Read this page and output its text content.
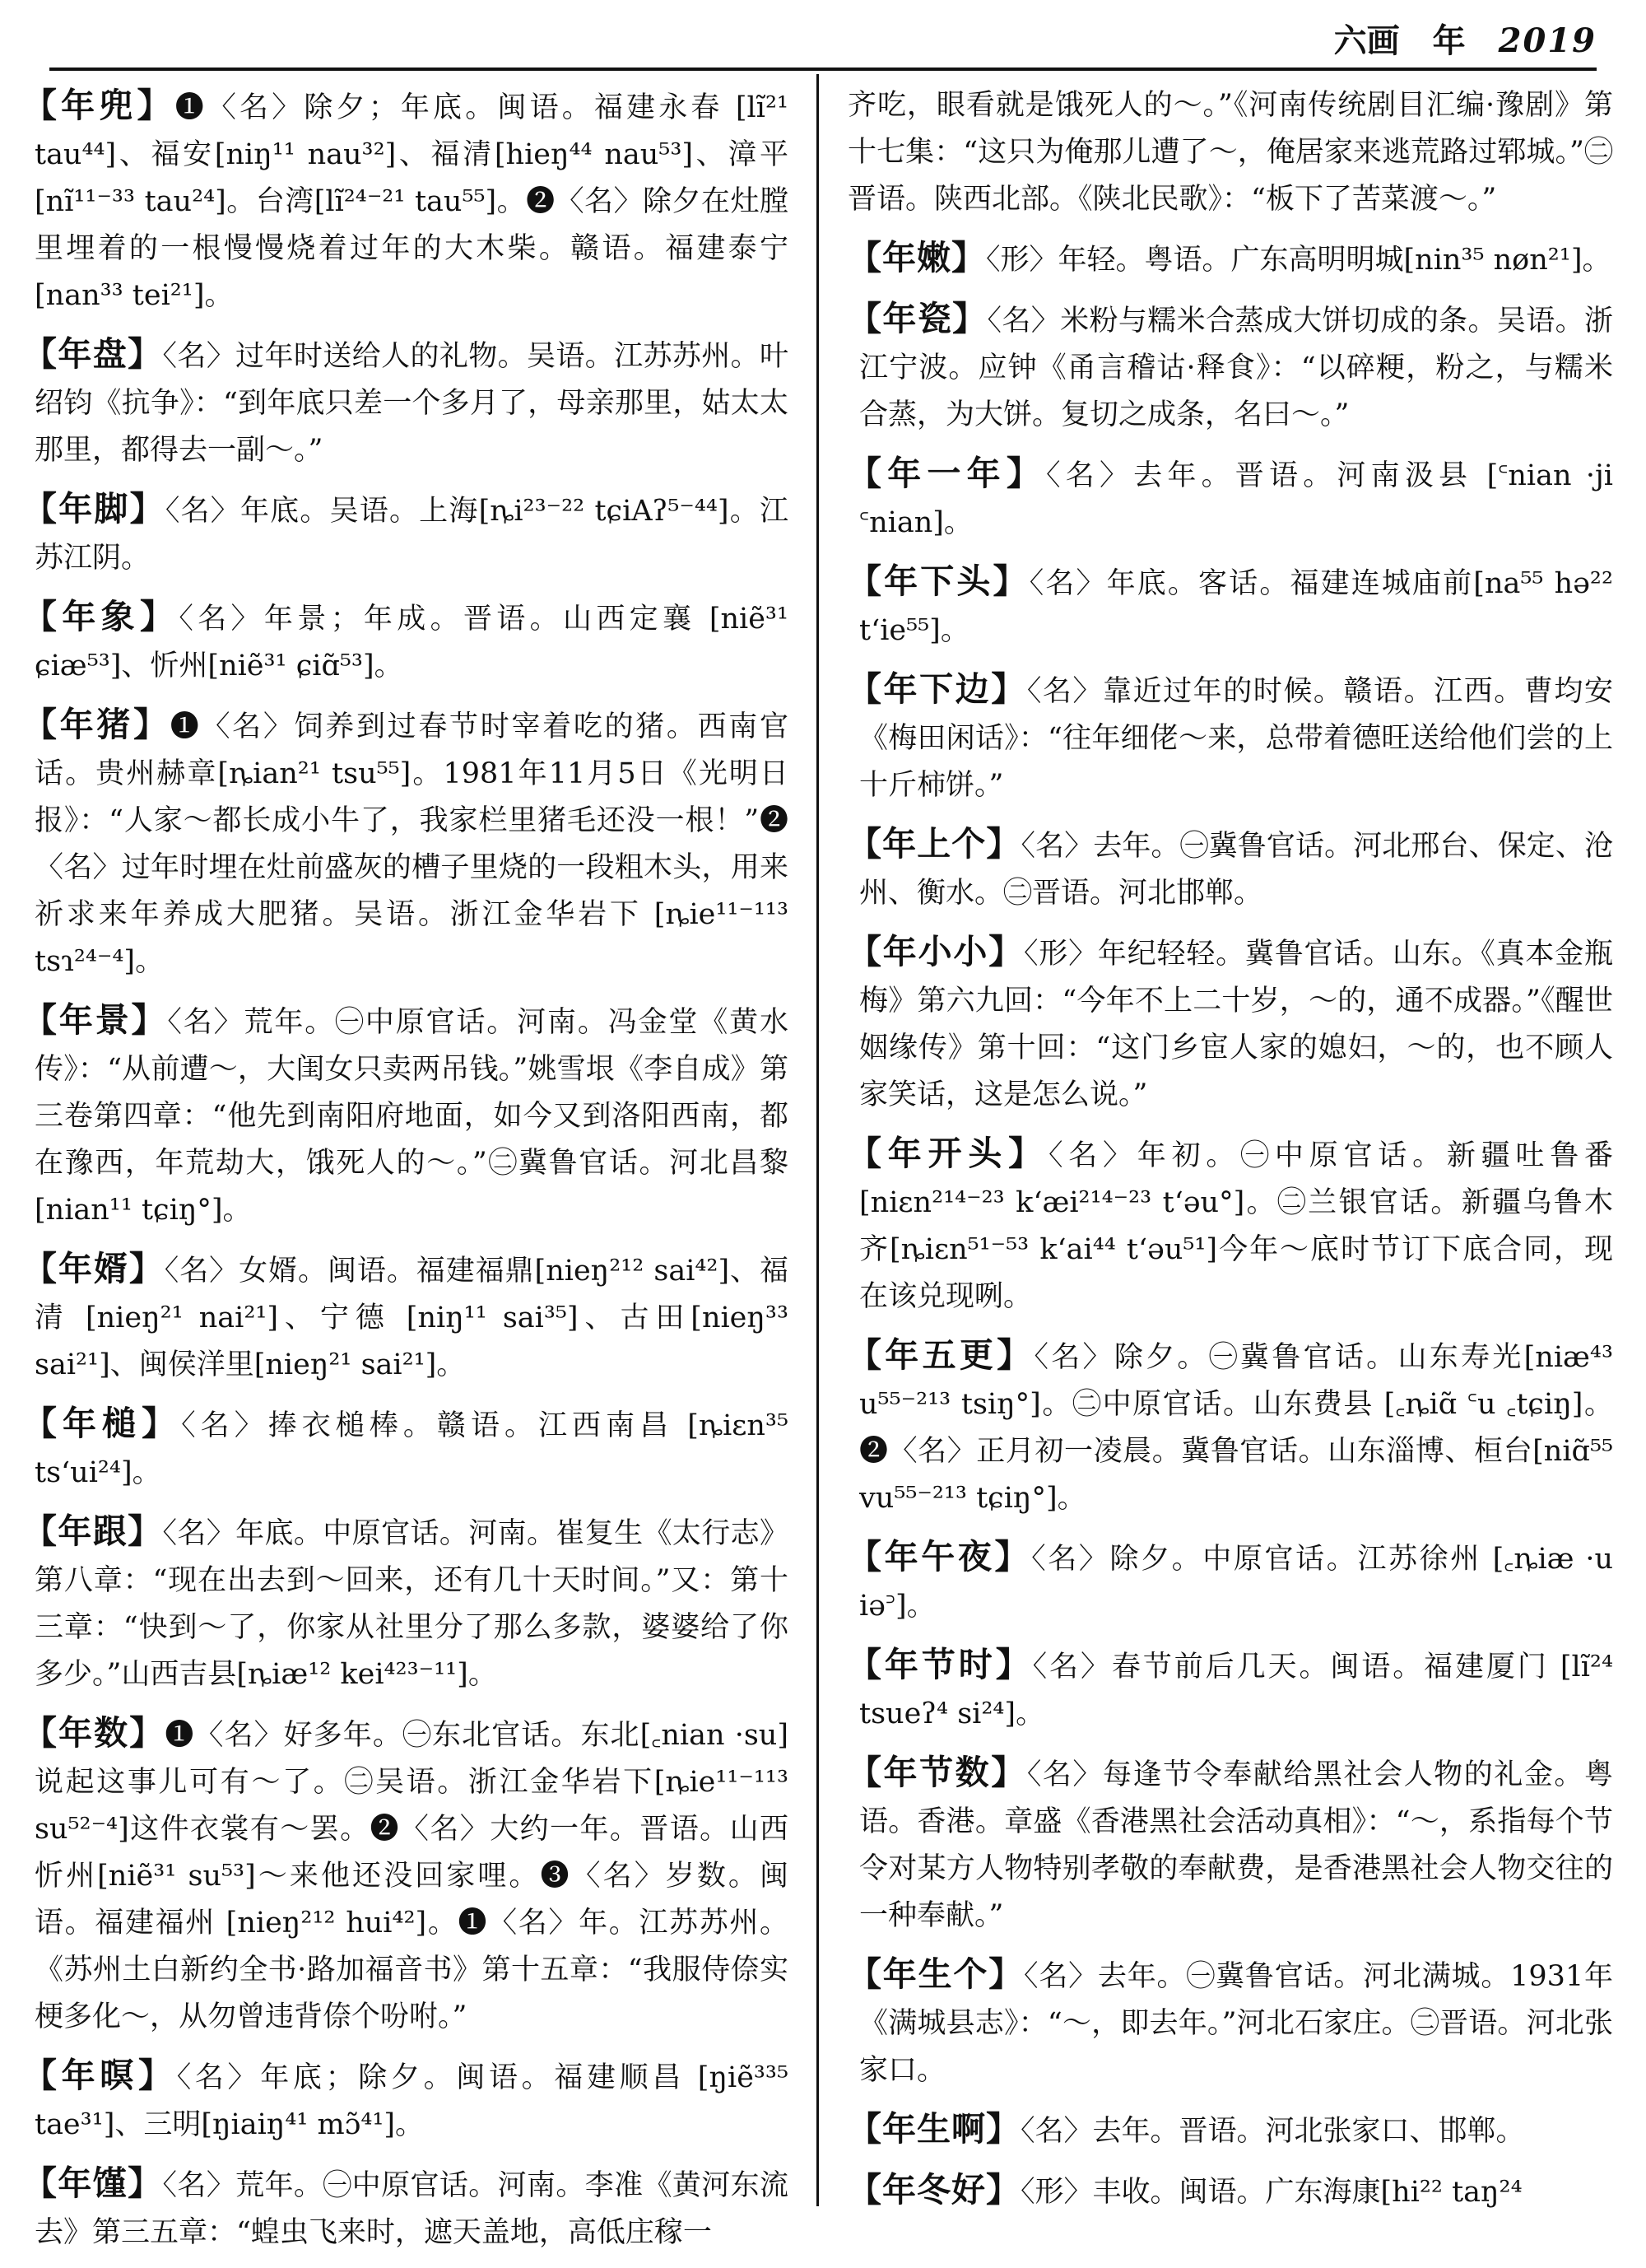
六画 年 2019

【年兜】❶〈名〉除夕；年底。闽语。福建永春 [lĩ²¹ tau⁴⁴]、福安[niŋ¹¹ nau³²]、福清[hieŋ⁴⁴ nau⁵³]、漳平[nĩ¹¹⁻³³ tau²⁴]。台湾[lĩ²⁴⁻²¹ tau⁵⁵]。❷〈名〉除夕在灶膛里埋着的一根慢慢烧着过年的大木柴。赣语。福建泰宁 [nan³³ tei²¹]。

【年盘】〈名〉过年时送给人的礼物。吴语。江苏苏州。叶绍钧《抗争》：“到年底只差一个多月了，母亲那里，姑太太那里，都得去一副～。”

【年脚】〈名〉年底。吴语。上海[ȵi²³⁻²² tɕiAʔ⁵⁻⁴⁴]。江苏江阴。

【年象】〈名〉年景；年成。晋语。山西定襄 [niẽ³¹ ɕiæ⁵³]、忻州[niẽ³¹ ɕiɑ̃⁵³]。

【年猪】❶〈名〉饲养到过春节时宰着吃的猪。西南官话。贵州赫章[ȵian²¹ tsu⁵⁵]。1981年11月5日《光明日报》：“人家～都长成小牛了，我家栏里猪毛还没一根！”❷〈名〉过年时埋在灶前盛灰的槽子里烧的一段粗木头，用来祈求来年养成大肥猪。吴语。浙江金华岩下 [ȵie¹¹⁻¹¹³ tsɿ²⁴⁻⁴]。

【年景】〈名〉荒年。㊀中原官话。河南。冯金堂《黄水传》：“从前遭～，大闺女只卖两吊钱。”姚雪垠《李自成》第三卷第四章：“他先到南阳府地面，如今又到洛阳西南，都在豫西，年荒劫大，饿死人的～。”㊁冀鲁官话。河北昌黎 [nian¹¹ tɕiŋ°]。

【年婿】〈名〉女婿。闽语。福建福鼎[nieŋ²¹² sai⁴²]、福清 [nieŋ²¹ nai²¹]、宁德 [niŋ¹¹ sai³⁵]、古田[nieŋ³³ sai²¹]、闽侯洋里[nieŋ²¹ sai²¹]。

【年槌】〈名〉捧衣槌棒。赣语。江西南昌 [ȵiɛn³⁵ ts‘ui²⁴]。

【年跟】〈名〉年底。中原官话。河南。崔复生《太行志》第八章：“现在出去到～回来，还有几十天时间。”又：第十三章：“快到～了，你家从社里分了那么多款，婆婆给了你多少。”山西吉县[ȵiæ¹² kei⁴²³⁻¹¹]。

【年数】❶〈名〉好多年。㊀东北官话。东北[꜀nian ·su]说起这事儿可有～了。㊁吴语。浙江金华岩下[ȵie¹¹⁻¹¹³ su⁵²⁻⁴]这件衣裳有～罢。❷〈名〉大约一年。晋语。山西忻州[niẽ³¹ su⁵³]～来他还没回家哩。❸〈名〉岁数。闽语。福建福州 [nieŋ²¹² hui⁴²]。❶〈名〉年。江苏苏州。《苏州土白新约全书·路加福音书》第十五章：“我服侍倷实梗多化～，从勿曾违背倷个吩咐。”

【年暝】〈名〉年底；除夕。闽语。福建顺昌 [ŋiẽ³³⁵ tae³¹]、三明[ŋiaiŋ⁴¹ mɔ̃⁴¹]。

【年馑】〈名〉荒年。㊀中原官话。河南。李准《黄河东流去》第三五章：“蝗虫飞来时，遮天盖地，高低庄稼一

齐吃，眼看就是饿死人的～。”《河南传统剧目汇编·豫剧》第十七集：“这只为俺那儿遭了～，俺居家来逃荒路过郓城。”㊁晋语。陕西北部。《陕北民歌》：“板下了苦菜渡～。”

【年嫩】〈形〉年轻。粤语。广东高明明城[nin³⁵ nøn²¹]。

【年瓷】〈名〉米粉与糯米合蒸成大饼切成的条。吴语。浙江宁波。应钟《甬言稽诂·释食》：“以碎粳，粉之，与糯米合蒸，为大饼。复切之成条，名曰～。”

【年一年】〈名〉去年。晋语。河南汲县 [꜂nian ·ji ꜂nian]。

【年下头】〈名〉年底。客话。福建连城庙前[na⁵⁵ hə²² t‘ie⁵⁵]。

【年下边】〈名〉靠近过年的时候。赣语。江西。曹均安《梅田闲话》：“往年细佬～来，总带着德旺送给他们尝的上十斤柿饼。”

【年上个】〈名〉去年。㊀冀鲁官话。河北邢台、保定、沧州、衡水。㊁晋语。河北邯郸。

【年小小】〈形〉年纪轻轻。冀鲁官话。山东。《真本金瓶梅》第六九回：“今年不上二十岁，～的，通不成器。”《醒世姻缘传》第十回：“这门乡宦人家的媳妇，～的，也不顾人家笑话，这是怎么说。”

【年开头】〈名〉年初。㊀中原官话。新疆吐鲁番[niɛn²¹⁴⁻²³ k‘æi²¹⁴⁻²³ t‘əu°]。㊁兰银官话。新疆乌鲁木齐[ȵiɛn⁵¹⁻⁵³ k‘ai⁴⁴ t‘əu⁵¹]今年～底时节订下底合同，现在该兑现咧。

【年五更】〈名〉除夕。㊀冀鲁官话。山东寿光[niæ⁴³ u⁵⁵⁻²¹³ tsiŋ°]。㊁中原官话。山东费县 [꜀ȵiɑ̃ ꜂u ꜀tɕiŋ]。❷〈名〉正月初一凌晨。冀鲁官话。山东淄博、桓台[niɑ̃⁵⁵ vu⁵⁵⁻²¹³ tɕiŋ°]。

【年午夜】〈名〉除夕。中原官话。江苏徐州 [꜀ȵiæ ·u iə꜄]。

【年节时】〈名〉春节前后几天。闽语。福建厦门 [lĩ²⁴ tsueʔ⁴ si²⁴]。

【年节数】〈名〉每逢节令奉献给黑社会人物的礼金。粤语。香港。章盛《香港黑社会活动真相》：“～，系指每个节令对某方人物特别孝敬的奉献费，是香港黑社会人物交往的一种奉献。”

【年生个】〈名〉去年。㊀冀鲁官话。河北满城。1931年《满城县志》：“～，即去年。”河北石家庄。㊁晋语。河北张家口。

【年生啊】〈名〉去年。晋语。河北张家口、邯郸。

【年冬好】〈形〉丰收。闽语。广东海康[hi²² taŋ²⁴
